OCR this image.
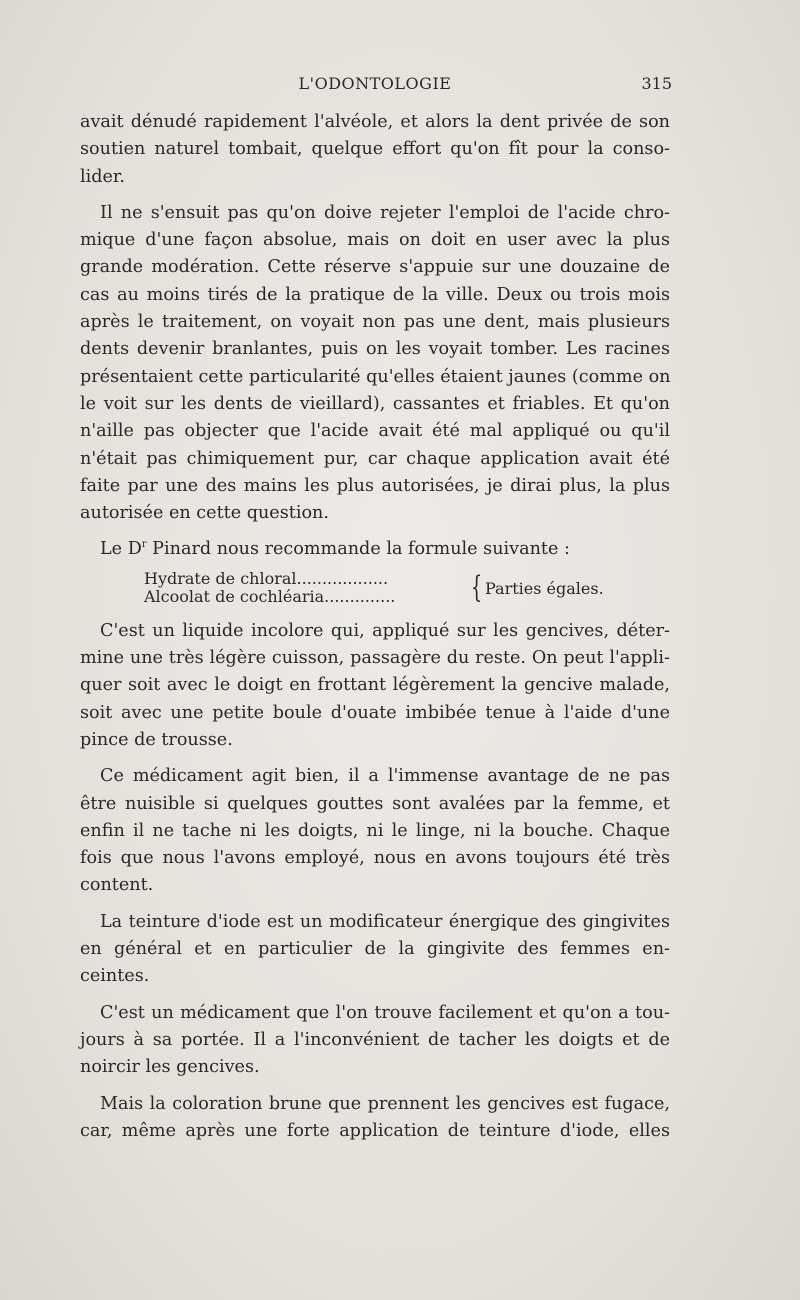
L'ODONTOLOGIE	315
avait dénudé rapidement l'alvéole, et alors la dent privée de son
soutien naturel tombait, quelque effort qu'on fît pour la conso-
lider.
Il ne s'ensuit pas qu'on doive rejeter l'emploi de l'acide chro-
mique d'une façon absolue, mais on doit en user avec la plus
grande modération. Cette réserve s'appuie sur une douzaine de
cas au moins tirés de la pratique de la ville. Deux ou trois mois
après le traitement, on voyait non pas une dent, mais plusieurs
dents devenir branlantes, puis on les voyait tomber. Les racines
présentaient cette particularité qu'elles étaient jaunes (comme on
le voit sur les dents de vieillard), cassantes et friables. Et qu'on
n'aille pas objecter que l'acide avait été mal appliqué ou qu'il
n'était pas chimiquement pur, car chaque application avait été
faite par une des mains les plus autorisées, je dirai plus, la plus
autorisée en cette question.
Le $D^r$ Pinard nous recommande la formule suivante :
Hydrate de chloral..................
Alcoolat de cochléaria..............	{ Parties égales.
C'est un liquide incolore qui, appliqué sur les gencives, déter-
mine une très légère cuisson, passagère du reste. On peut l'appli-
quer soit avec le doigt en frottant légèrement la gencive malade,
soit avec une petite boule d'ouate imbibée tenue à l'aide d'une
pince de trousse.
Ce médicament agit bien, il a l'immense avantage de ne pas
être nuisible si quelques gouttes sont avalées par la femme, et
enfin il ne tache ni les doigts, ni le linge, ni la bouche. Chaque
fois que nous l'avons employé, nous en avons toujours été très
content.
La teinture d'iode est un modificateur énergique des gingivites
en général et en particulier de la gingivite des femmes en-
ceintes.
C'est un médicament que l'on trouve facilement et qu'on a tou-
jours à sa portée. Il a l'inconvénient de tacher les doigts et de
noircir les gencives.
Mais la coloration brune que prennent les gencives est fugace,
car, même après une forte application de teinture d'iode, elles
